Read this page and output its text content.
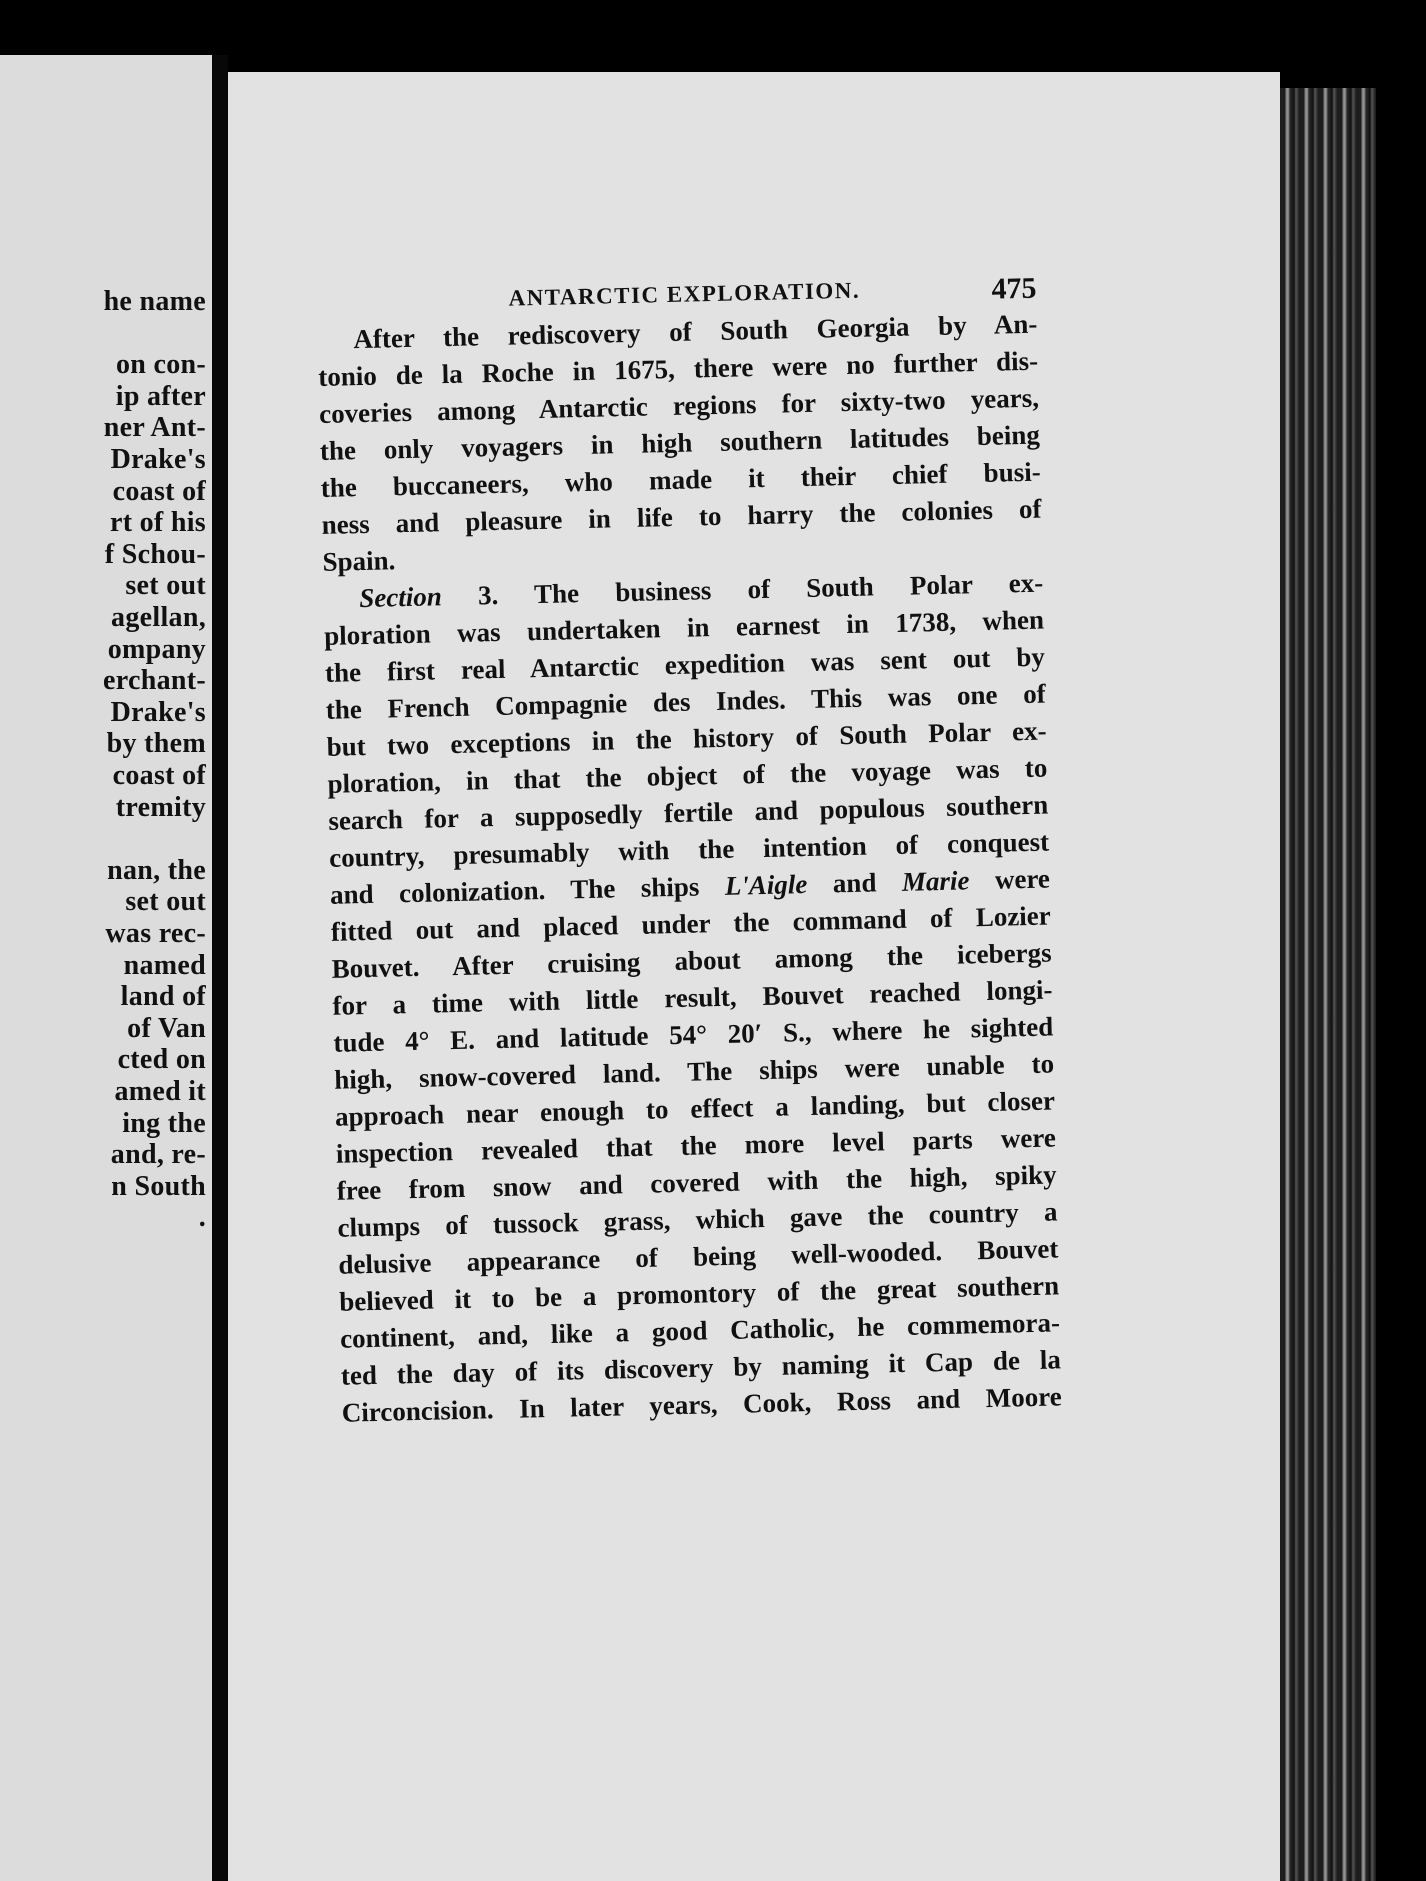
he name
on con-
ip after
ner Ant-
Drake's
coast of
rt of his
f Schou-
set out
agellan,
ompany
erchant-
Drake's
by them
coast of
tremity
nan, the
set out
was rec-
named
land of
of Van
cted on
amed it
ing the
and, re-
n South
.
ANTARCTIC EXPLORATION.	475

After the rediscovery of South Georgia by An-
tonio de la Roche in 1675, there were no further dis-
coveries among Antarctic regions for sixty-two years,
the only voyagers in high southern latitudes being
the buccaneers, who made it their chief busi-
ness and pleasure in life to harry the colonies of
Spain.

Section 3. The business of South Polar ex-
ploration was undertaken in earnest in 1738, when
the first real Antarctic expedition was sent out by
the French Compagnie des Indes. This was one of
but two exceptions in the history of South Polar ex-
ploration, in that the object of the voyage was to
search for a supposedly fertile and populous southern
country, presumably with the intention of conquest
and colonization. The ships L'Aigle and Marie were
fitted out and placed under the command of Lozier
Bouvet. After cruising about among the icebergs
for a time with little result, Bouvet reached longi-
tude 4° E. and latitude 54° 20′ S., where he sighted
high, snow-covered land. The ships were unable to
approach near enough to effect a landing, but closer
inspection revealed that the more level parts were
free from snow and covered with the high, spiky
clumps of tussock grass, which gave the country a
delusive appearance of being well-wooded. Bouvet
believed it to be a promontory of the great southern
continent, and, like a good Catholic, he commemora-
ted the day of its discovery by naming it Cap de la
Circoncision. In later years, Cook, Ross and Moore
